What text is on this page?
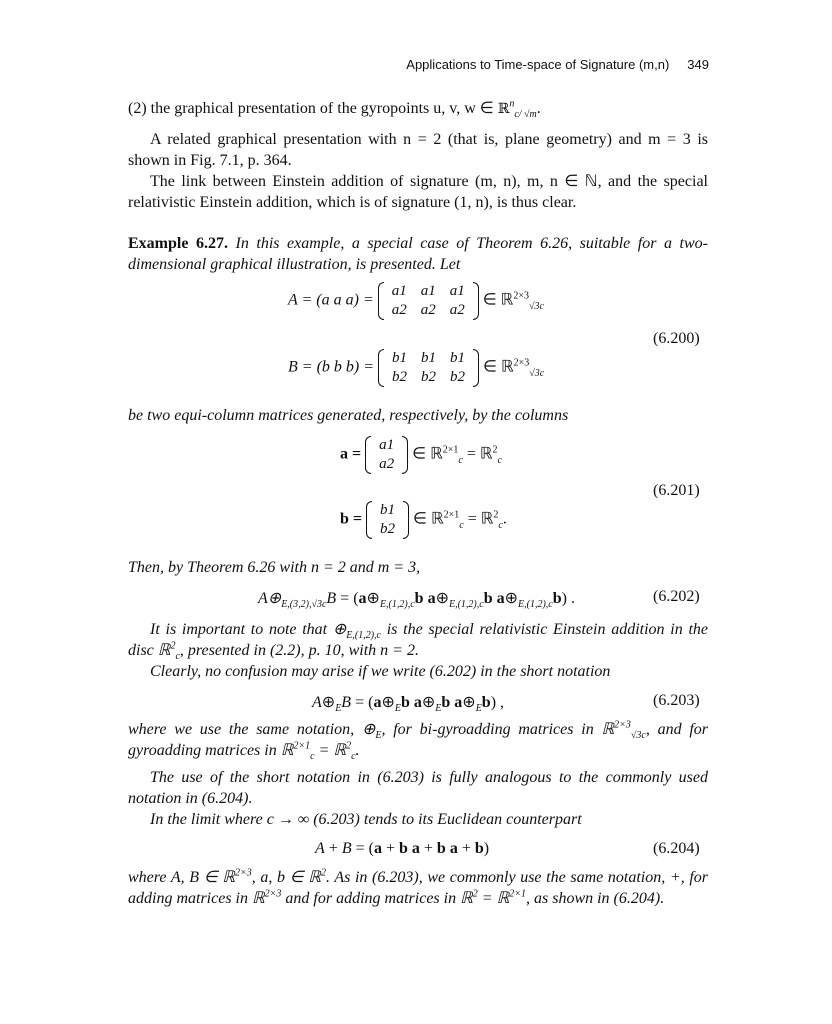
Applications to Time-space of Signature (m,n) 349
(2) the graphical presentation of the gyropoints u, v, w ∈ ℝ$^n_{c/ √m}$.
A related graphical presentation with n = 2 (that is, plane geometry) and m = 3 is shown in Fig. 7.1, p. 364.
The link between Einstein addition of signature (m, n), m, n ∈ ℕ, and the special relativistic Einstein addition, which is of signature (1, n), is thus clear.
Example 6.27. In this example, a special case of Theorem 6.26, suitable for a two-dimensional graphical illustration, is presented. Let
A = (a a a) =
a1	a1	a1
a2	a2	a2
∈ ℝ$^{2\times 3}_{√3c}$
(6.200)
B = (b b b) =
b1	b1	b1
b2	b2	b2
∈ ℝ$^{2\times 3}_{√3c}$
be two equi-column matrices generated, respectively, by the columns
a =
a1
a2
∈ ℝ$^{2\times 1}_c$ = ℝ$^2_c$
(6.201)
b =
b1
b2
∈ ℝ$^{2\times 1}_c$ = ℝ$^2_c$.
Then, by Theorem 6.26 with n = 2 and m = 3,
$A\oplus_{E,(3,2),√3c}B$ = ($a\oplus_{E,(1,2),c}b$ $a\oplus_{E,(1,2),c}b$ $a\oplus_{E,(1,2),c}b$) .	(6.202)
It is important to note that $\oplus_{E,(1,2),c}$ is the special relativistic Einstein addition in the disc ℝ$^2_c$, presented in (2.2), p. 10, with n = 2.
Clearly, no confusion may arise if we write (6.202) in the short notation
$A\oplus_EB$ = ($a\oplus_Eb$ $a\oplus_Eb$ $a\oplus_Eb$) ,	(6.203)
where we use the same notation, $\oplus_E$, for bi-gyroadding matrices in ℝ$^{2\times 3}_{√3c}$, and for gyroadding matrices in ℝ$^{2\times 1}_c$ = ℝ$^2_c$.
The use of the short notation in (6.203) is fully analogous to the commonly used notation in (6.204).
In the limit where c → ∞ (6.203) tends to its Euclidean counterpart
A + B = (a + b a + b a + b)	(6.204)
where A, B ∈ ℝ$^{2\times 3}$, a, b ∈ ℝ$^2$. As in (6.203), we commonly use the same notation, +, for adding matrices in ℝ$^{2\times 3}$ and for adding matrices in ℝ$^2$ = ℝ$^{2\times 1}$, as shown in (6.204).
